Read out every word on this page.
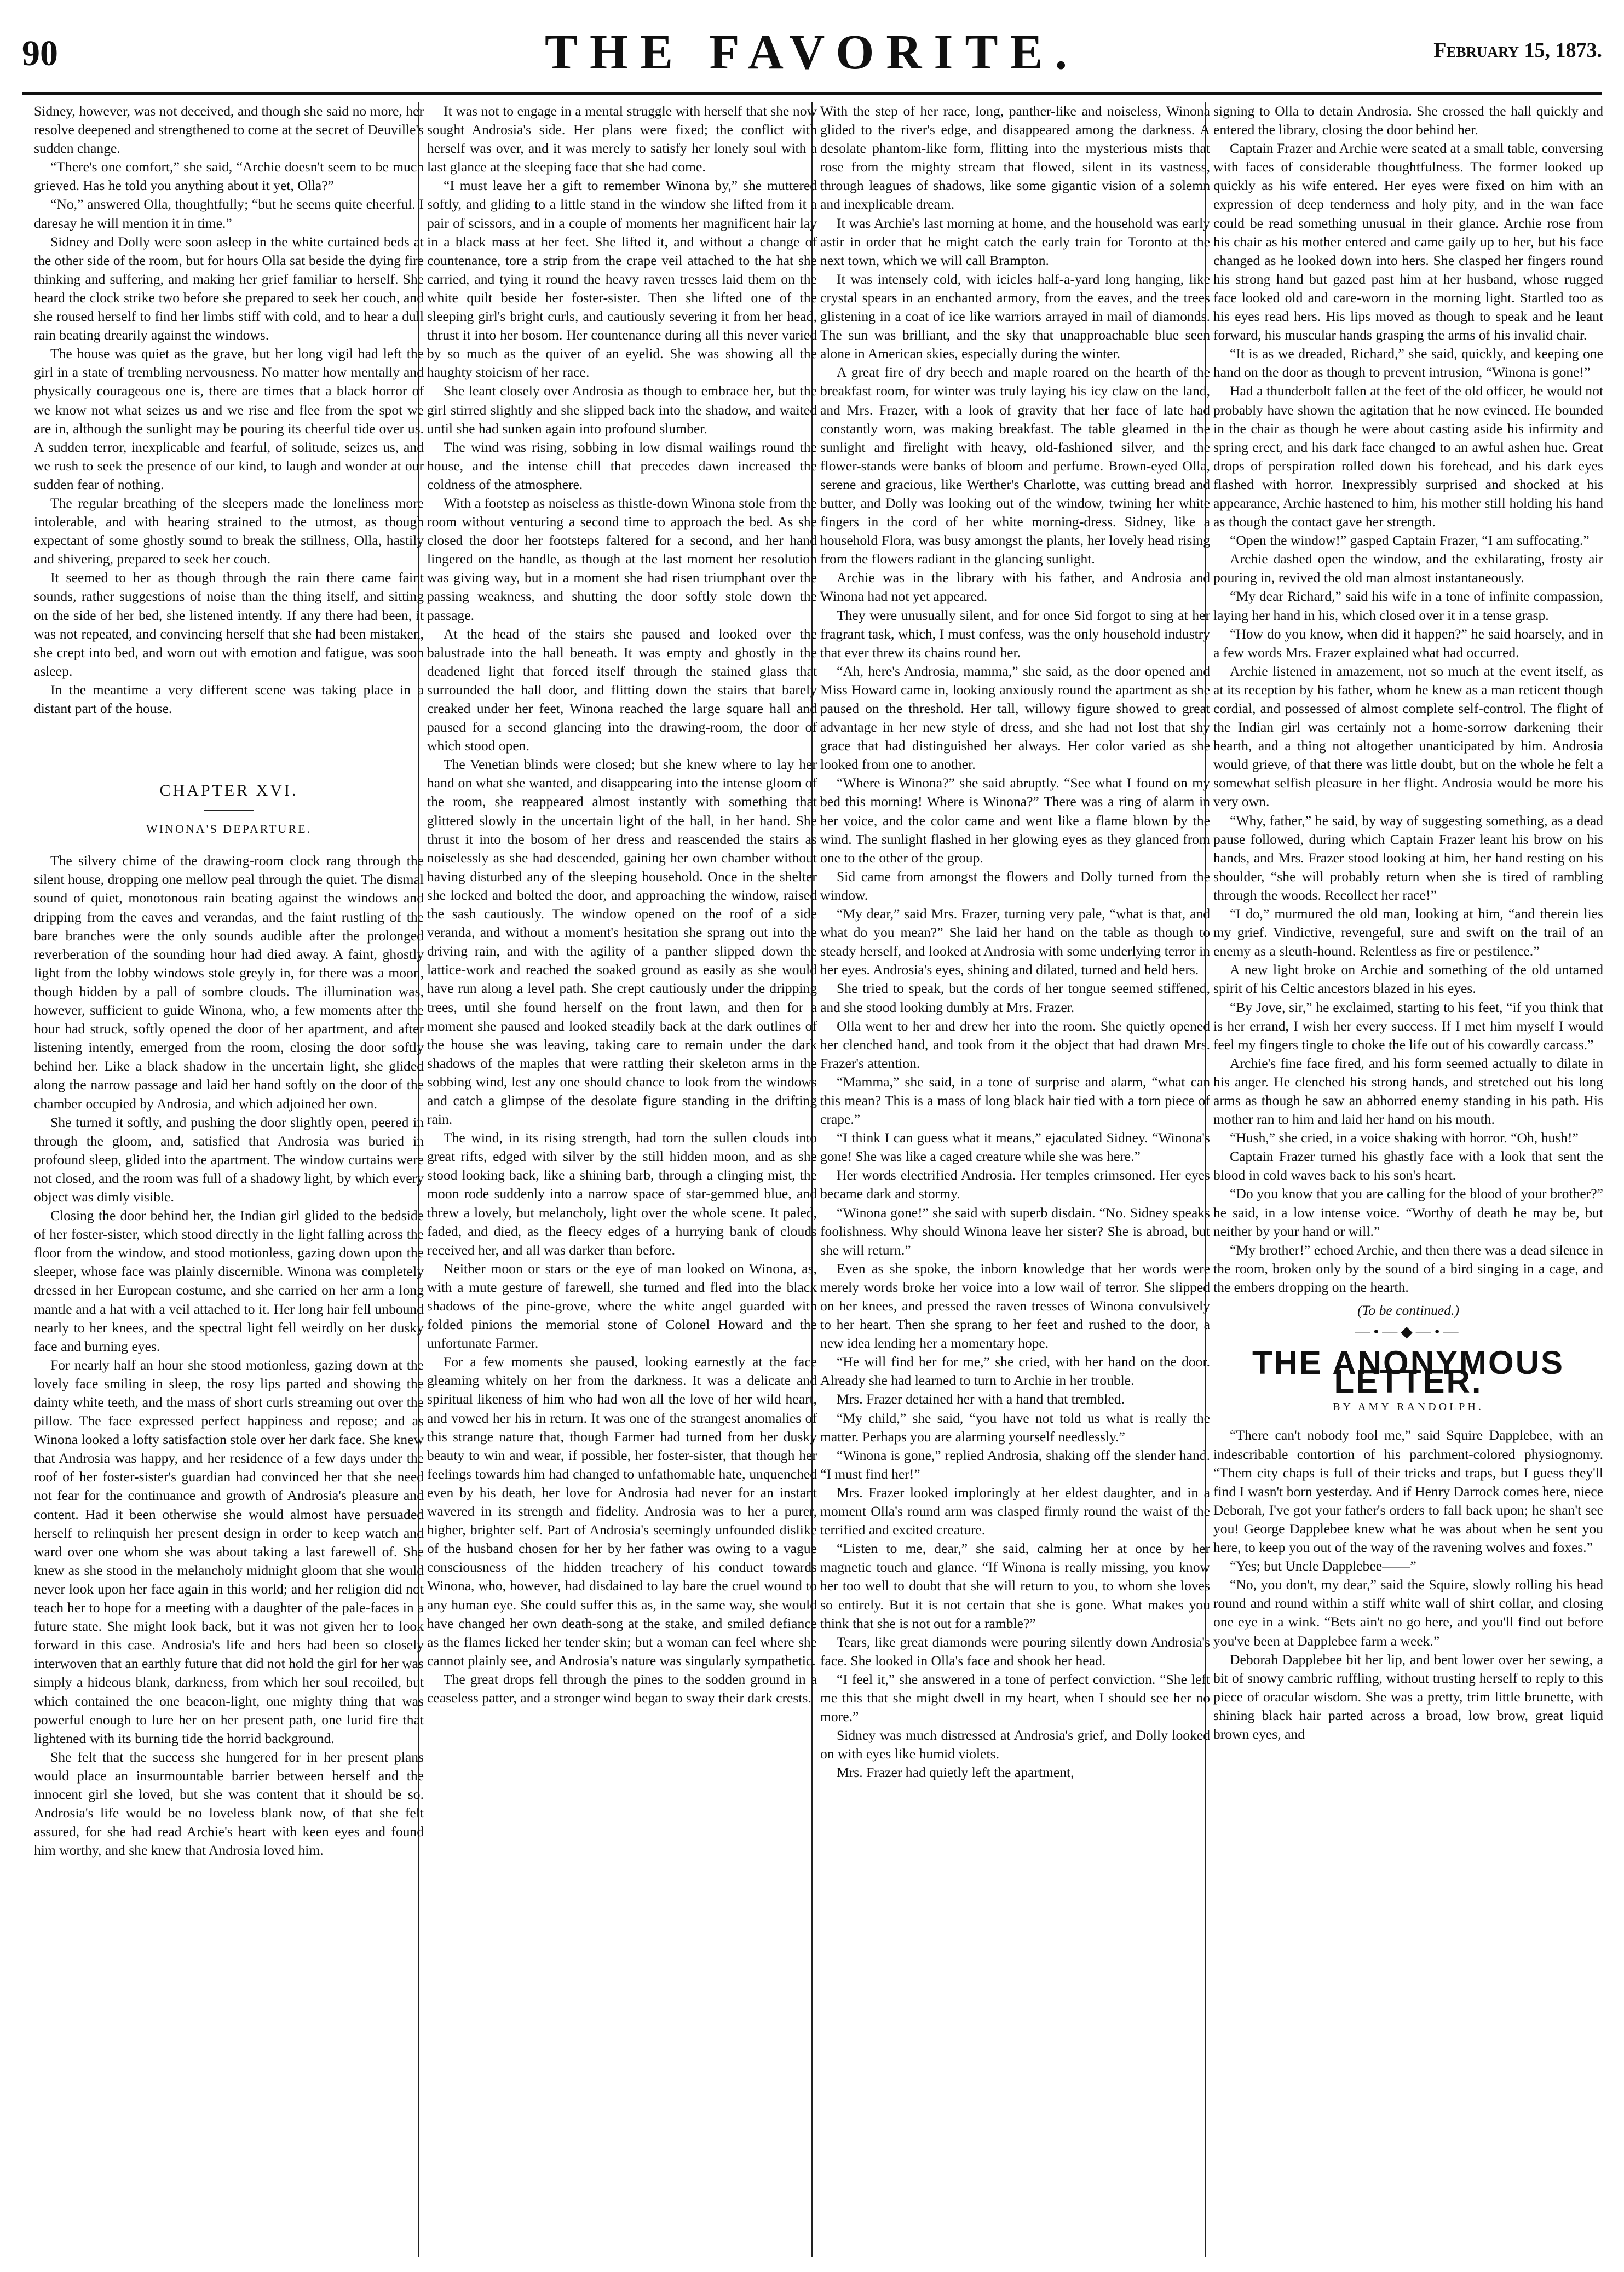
90	THE FAVORITE.	February 15, 1873.

Sidney, however, was not deceived, and though she said no more, her resolve deepened and strengthened to come at the secret of Deuville's sudden change.

“There's one comfort,” she said, “Archie doesn't seem to be much grieved. Has he told you anything about it yet, Olla?”

“No,” answered Olla, thoughtfully; “but he seems quite cheerful. I daresay he will mention it in time.”

Sidney and Dolly were soon asleep in the white curtained beds at the other side of the room, but for hours Olla sat beside the dying fire thinking and suffering, and making her grief familiar to herself. She heard the clock strike two before she prepared to seek her couch, and she roused herself to find her limbs stiff with cold, and to hear a dull rain beating drearily against the windows.

The house was quiet as the grave, but her long vigil had left the girl in a state of trembling nervousness. No matter how mentally and physically courageous one is, there are times that a black horror of we know not what seizes us and we rise and flee from the spot we are in, although the sunlight may be pouring its cheerful tide over us. A sudden terror, inexplicable and fearful, of solitude, seizes us, and we rush to seek the presence of our kind, to laugh and wonder at our sudden fear of nothing.

The regular breathing of the sleepers made the loneliness more intolerable, and with hearing strained to the utmost, as though expectant of some ghostly sound to break the stillness, Olla, hastily and shivering, prepared to seek her couch.

It seemed to her as though through the rain there came faint sounds, rather suggestions of noise than the thing itself, and sitting on the side of her bed, she listened intently. If any there had been, it was not repeated, and convincing herself that she had been mistaken, she crept into bed, and worn out with emotion and fatigue, was soon asleep.

In the meantime a very different scene was taking place in a distant part of the house.

CHAPTER XVI.
WINONA'S DEPARTURE.

The silvery chime of the drawing-room clock rang through the silent house, dropping one mellow peal through the quiet. The dismal sound of quiet, monotonous rain beating against the windows and dripping from the eaves and verandas, and the faint rustling of the bare branches were the only sounds audible after the prolonged reverberation of the sounding hour had died away. A faint, ghostly light from the lobby windows stole greyly in, for there was a moon, though hidden by a pall of sombre clouds. The illumination was, however, sufficient to guide Winona, who, a few moments after the hour had struck, softly opened the door of her apartment, and after listening intently, emerged from the room, closing the door softly behind her. Like a black shadow in the uncertain light, she glided along the narrow passage and laid her hand softly on the door of the chamber occupied by Androsia, and which adjoined her own.

She turned it softly, and pushing the door slightly open, peered in through the gloom, and, satisfied that Androsia was buried in profound sleep, glided into the apartment. The window curtains were not closed, and the room was full of a shadowy light, by which every object was dimly visible.

Closing the door behind her, the Indian girl glided to the bedside of her foster-sister, which stood directly in the light falling across the floor from the window, and stood motionless, gazing down upon the sleeper, whose face was plainly discernible. Winona was completely dressed in her European costume, and she carried on her arm a long mantle and a hat with a veil attached to it. Her long hair fell unbound nearly to her knees, and the spectral light fell weirdly on her dusky face and burning eyes.

For nearly half an hour she stood motionless, gazing down at the lovely face smiling in sleep, the rosy lips parted and showing the dainty white teeth, and the mass of short curls streaming out over the pillow. The face expressed perfect happiness and repose; and as Winona looked a lofty satisfaction stole over her dark face. She knew that Androsia was happy, and her residence of a few days under the roof of her foster-sister's guardian had convinced her that she need not fear for the continuance and growth of Androsia's pleasure and content. Had it been otherwise she would almost have persuaded herself to relinquish her present design in order to keep watch and ward over one whom she was about taking a last farewell of. She knew as she stood in the melancholy midnight gloom that she would never look upon her face again in this world; and her religion did not teach her to hope for a meeting with a daughter of the pale-faces in a future state. She might look back, but it was not given her to look forward in this case. Androsia's life and hers had been so closely interwoven that an earthly future that did not hold the girl for her was simply a hideous blank, darkness, from which her soul recoiled, but which contained the one beacon-light, one mighty thing that was powerful enough to lure her on her present path, one lurid fire that lightened with its burning tide the horrid background.

She felt that the success she hungered for in her present plans would place an insurmountable barrier between herself and the innocent girl she loved, but she was content that it should be so. Androsia's life would be no loveless blank now, of that she felt assured, for she had read Archie's heart with keen eyes and found him worthy, and she knew that Androsia loved him.

It was not to engage in a mental struggle with herself that she now sought Androsia's side. Her plans were fixed; the conflict with herself was over, and it was merely to satisfy her lonely soul with a last glance at the sleeping face that she had come.

“I must leave her a gift to remember Winona by,” she muttered softly, and gliding to a little stand in the window she lifted from it a pair of scissors, and in a couple of moments her magnificent hair lay in a black mass at her feet. She lifted it, and without a change of countenance, tore a strip from the crape veil attached to the hat she carried, and tying it round the heavy raven tresses laid them on the white quilt beside her foster-sister. Then she lifted one of the sleeping girl's bright curls, and cautiously severing it from her head, thrust it into her bosom. Her countenance during all this never varied by so much as the quiver of an eyelid. She was showing all the haughty stoicism of her race.

She leant closely over Androsia as though to embrace her, but the girl stirred slightly and she slipped back into the shadow, and waited until she had sunken again into profound slumber.

The wind was rising, sobbing in low dismal wailings round the house, and the intense chill that precedes dawn increased the coldness of the atmosphere.

With a footstep as noiseless as thistle-down Winona stole from the room without venturing a second time to approach the bed. As she closed the door her footsteps faltered for a second, and her hand lingered on the handle, as though at the last moment her resolution was giving way, but in a moment she had risen triumphant over the passing weakness, and shutting the door softly stole down the passage.

At the head of the stairs she paused and looked over the balustrade into the hall beneath. It was empty and ghostly in the deadened light that forced itself through the stained glass that surrounded the hall door, and flitting down the stairs that barely creaked under her feet, Winona reached the large square hall and paused for a second glancing into the drawing-room, the door of which stood open.

The Venetian blinds were closed; but she knew where to lay her hand on what she wanted, and disappearing into the intense gloom of the room, she reappeared almost instantly with something that glittered slowly in the uncertain light of the hall, in her hand. She thrust it into the bosom of her dress and reascended the stairs as noiselessly as she had descended, gaining her own chamber without having disturbed any of the sleeping household. Once in the shelter she locked and bolted the door, and approaching the window, raised the sash cautiously. The window opened on the roof of a side veranda, and without a moment's hesitation she sprang out into the driving rain, and with the agility of a panther slipped down the lattice-work and reached the soaked ground as easily as she would have run along a level path. She crept cautiously under the dripping trees, until she found herself on the front lawn, and then for a moment she paused and looked steadily back at the dark outlines of the house she was leaving, taking care to remain under the dark shadows of the maples that were rattling their skeleton arms in the sobbing wind, lest any one should chance to look from the windows and catch a glimpse of the desolate figure standing in the drifting rain.

The wind, in its rising strength, had torn the sullen clouds into great rifts, edged with silver by the still hidden moon, and as she stood looking back, like a shining barb, through a clinging mist, the moon rode suddenly into a narrow space of star-gemmed blue, and threw a lovely, but melancholy, light over the whole scene. It paled, faded, and died, as the fleecy edges of a hurrying bank of clouds received her, and all was darker than before.

Neither moon or stars or the eye of man looked on Winona, as, with a mute gesture of farewell, she turned and fled into the black shadows of the pine-grove, where the white angel guarded with folded pinions the memorial stone of Colonel Howard and the unfortunate Farmer.

For a few moments she paused, looking earnestly at the face gleaming whitely on her from the darkness. It was a delicate and spiritual likeness of him who had won all the love of her wild heart, and vowed her his in return. It was one of the strangest anomalies of this strange nature that, though Farmer had turned from her dusky beauty to win and wear, if possible, her foster-sister, that though her feelings towards him had changed to unfathomable hate, unquenched even by his death, her love for Androsia had never for an instant wavered in its strength and fidelity. Androsia was to her a purer, higher, brighter self. Part of Androsia's seemingly unfounded dislike of the husband chosen for her by her father was owing to a vague consciousness of the hidden treachery of his conduct towards Winona, who, however, had disdained to lay bare the cruel wound to any human eye. She could suffer this as, in the same way, she would have changed her own death-song at the stake, and smiled defiance as the flames licked her tender skin; but a woman can feel where she cannot plainly see, and Androsia's nature was singularly sympathetic.

The great drops fell through the pines to the sodden ground in a ceaseless patter, and a stronger wind began to sway their dark crests.

With the step of her race, long, panther-like and noiseless, Winona glided to the river's edge, and disappeared among the darkness. A desolate phantom-like form, flitting into the mysterious mists that rose from the mighty stream that flowed, silent in its vastness, through leagues of shadows, like some gigantic vision of a solemn and inexplicable dream.

It was Archie's last morning at home, and the household was early astir in order that he might catch the early train for Toronto at the next town, which we will call Brampton.

It was intensely cold, with icicles half-a-yard long hanging, like crystal spears in an enchanted armory, from the eaves, and the trees glistening in a coat of ice like warriors arrayed in mail of diamonds. The sun was brilliant, and the sky that unapproachable blue seen alone in American skies, especially during the winter.

A great fire of dry beech and maple roared on the hearth of the breakfast room, for winter was truly laying his icy claw on the land, and Mrs. Frazer, with a look of gravity that her face of late had constantly worn, was making breakfast. The table gleamed in the sunlight and firelight with heavy, old-fashioned silver, and the flower-stands were banks of bloom and perfume. Brown-eyed Olla, serene and gracious, like Werther's Charlotte, was cutting bread and butter, and Dolly was looking out of the window, twining her white fingers in the cord of her white morning-dress. Sidney, like a household Flora, was busy amongst the plants, her lovely head rising from the flowers radiant in the glancing sunlight.

Archie was in the library with his father, and Androsia and Winona had not yet appeared.

They were unusually silent, and for once Sid forgot to sing at her fragrant task, which, I must confess, was the only household industry that ever threw its chains round her.

“Ah, here's Androsia, mamma,” she said, as the door opened and Miss Howard came in, looking anxiously round the apartment as she paused on the threshold. Her tall, willowy figure showed to great advantage in her new style of dress, and she had not lost that shy grace that had distinguished her always. Her color varied as she looked from one to another.

“Where is Winona?” she said abruptly. “See what I found on my bed this morning! Where is Winona?” There was a ring of alarm in her voice, and the color came and went like a flame blown by the wind. The sunlight flashed in her glowing eyes as they glanced from one to the other of the group.

Sid came from amongst the flowers and Dolly turned from the window.

“My dear,” said Mrs. Frazer, turning very pale, “what is that, and what do you mean?” She laid her hand on the table as though to steady herself, and looked at Androsia with some underlying terror in her eyes. Androsia's eyes, shining and dilated, turned and held hers.

She tried to speak, but the cords of her tongue seemed stiffened, and she stood looking dumbly at Mrs. Frazer.

Olla went to her and drew her into the room. She quietly opened her clenched hand, and took from it the object that had drawn Mrs. Frazer's attention.

“Mamma,” she said, in a tone of surprise and alarm, “what can this mean? This is a mass of long black hair tied with a torn piece of crape.”

“I think I can guess what it means,” ejaculated Sidney. “Winona's gone! She was like a caged creature while she was here.”

Her words electrified Androsia. Her temples crimsoned. Her eyes became dark and stormy.

“Winona gone!” she said with superb disdain. “No. Sidney speaks foolishness. Why should Winona leave her sister? She is abroad, but she will return.”

Even as she spoke, the inborn knowledge that her words were merely words broke her voice into a low wail of terror. She slipped on her knees, and pressed the raven tresses of Winona convulsively to her heart. Then she sprang to her feet and rushed to the door, a new idea lending her a momentary hope.

“He will find her for me,” she cried, with her hand on the door. Already she had learned to turn to Archie in her trouble.

Mrs. Frazer detained her with a hand that trembled.

“My child,” she said, “you have not told us what is really the matter. Perhaps you are alarming yourself needlessly.”

“Winona is gone,” replied Androsia, shaking off the slender hand. “I must find her!”

Mrs. Frazer looked imploringly at her eldest daughter, and in a moment Olla's round arm was clasped firmly round the waist of the terrified and excited creature.

“Listen to me, dear,” she said, calming her at once by her magnetic touch and glance. “If Winona is really missing, you know her too well to doubt that she will return to you, to whom she loves so entirely. But it is not certain that she is gone. What makes you think that she is not out for a ramble?”

Tears, like great diamonds were pouring silently down Androsia's face. She looked in Olla's face and shook her head.

“I feel it,” she answered in a tone of perfect conviction. “She left me this that she might dwell in my heart, when I should see her no more.”

Sidney was much distressed at Androsia's grief, and Dolly looked on with eyes like humid violets.

Mrs. Frazer had quietly left the apartment,

signing to Olla to detain Androsia. She crossed the hall quickly and entered the library, closing the door behind her.

Captain Frazer and Archie were seated at a small table, conversing with faces of considerable thoughtfulness. The former looked up quickly as his wife entered. Her eyes were fixed on him with an expression of deep tenderness and holy pity, and in the wan face could be read something unusual in their glance. Archie rose from his chair as his mother entered and came gaily up to her, but his face changed as he looked down into hers. She clasped her fingers round his strong hand but gazed past him at her husband, whose rugged face looked old and care-worn in the morning light. Startled too as his eyes read hers. His lips moved as though to speak and he leant forward, his muscular hands grasping the arms of his invalid chair.

“It is as we dreaded, Richard,” she said, quickly, and keeping one hand on the door as though to prevent intrusion, “Winona is gone!”

Had a thunderbolt fallen at the feet of the old officer, he would not probably have shown the agitation that he now evinced. He bounded in the chair as though he were about casting aside his infirmity and spring erect, and his dark face changed to an awful ashen hue. Great drops of perspiration rolled down his forehead, and his dark eyes flashed with horror. Inexpressibly surprised and shocked at his appearance, Archie hastened to him, his mother still holding his hand as though the contact gave her strength.

“Open the window!” gasped Captain Frazer, “I am suffocating.”

Archie dashed open the window, and the exhilarating, frosty air pouring in, revived the old man almost instantaneously.

“My dear Richard,” said his wife in a tone of infinite compassion, laying her hand in his, which closed over it in a tense grasp.

“How do you know, when did it happen?” he said hoarsely, and in a few words Mrs. Frazer explained what had occurred.

Archie listened in amazement, not so much at the event itself, as at its reception by his father, whom he knew as a man reticent though cordial, and possessed of almost complete self-control. The flight of the Indian girl was certainly not a home-sorrow darkening their hearth, and a thing not altogether unanticipated by him. Androsia would grieve, of that there was little doubt, but on the whole he felt a somewhat selfish pleasure in her flight. Androsia would be more his very own.

“Why, father,” he said, by way of suggesting something, as a dead pause followed, during which Captain Frazer leant his brow on his hands, and Mrs. Frazer stood looking at him, her hand resting on his shoulder, “she will probably return when she is tired of rambling through the woods. Recollect her race!”

“I do,” murmured the old man, looking at him, “and therein lies my grief. Vindictive, revengeful, sure and swift on the trail of an enemy as a sleuth-hound. Relentless as fire or pestilence.”

A new light broke on Archie and something of the old untamed spirit of his Celtic ancestors blazed in his eyes.

“By Jove, sir,” he exclaimed, starting to his feet, “if you think that is her errand, I wish her every success. If I met him myself I would feel my fingers tingle to choke the life out of his cowardly carcass.”

Archie's fine face fired, and his form seemed actually to dilate in his anger. He clenched his strong hands, and stretched out his long arms as though he saw an abhorred enemy standing in his path. His mother ran to him and laid her hand on his mouth.

“Hush,” she cried, in a voice shaking with horror. “Oh, hush!”

Captain Frazer turned his ghastly face with a look that sent the blood in cold waves back to his son's heart.

“Do you know that you are calling for the blood of your brother?” he said, in a low intense voice. “Worthy of death he may be, but neither by your hand or will.”

“My brother!” echoed Archie, and then there was a dead silence in the room, broken only by the sound of a bird singing in a cage, and the embers dropping on the hearth.

(To be continued.)
—•—◆—•—
THE ANONYMOUS LETTER.
BY AMY RANDOLPH.

“There can't nobody fool me,” said Squire Dapplebee, with an indescribable contortion of his parchment-colored physiognomy. “Them city chaps is full of their tricks and traps, but I guess they'll find I wasn't born yesterday. And if Henry Darrock comes here, niece Deborah, I've got your father's orders to fall back upon; he shan't see you! George Dapplebee knew what he was about when he sent you here, to keep you out of the way of the ravening wolves and foxes.”

“Yes; but Uncle Dapplebee——”

“No, you don't, my dear,” said the Squire, slowly rolling his head round and round within a stiff white wall of shirt collar, and closing one eye in a wink. “Bets ain't no go here, and you'll find out before you've been at Dapplebee farm a week.”

Deborah Dapplebee bit her lip, and bent lower over her sewing, a bit of snowy cambric ruffling, without trusting herself to reply to this piece of oracular wisdom. She was a pretty, trim little brunette, with shining black hair parted across a broad, low brow, great liquid brown eyes, and
